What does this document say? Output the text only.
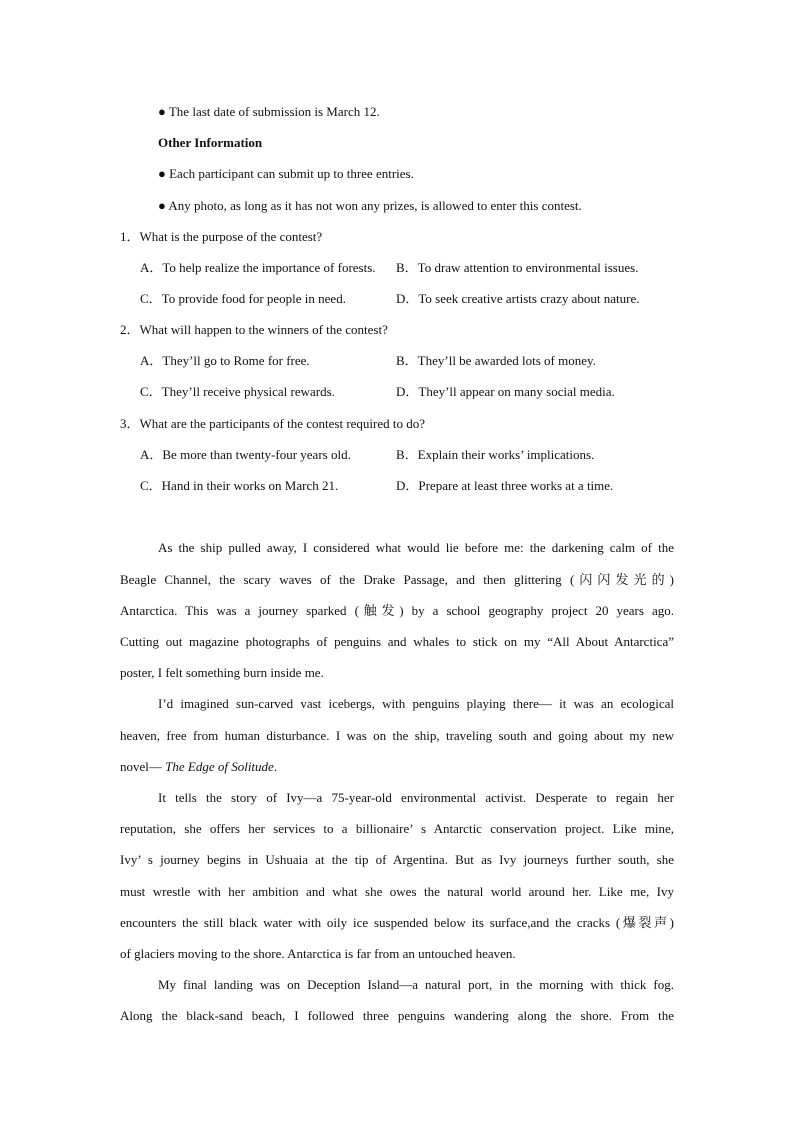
● The last date of submission is March 12.
Other Information
● Each participant can submit up to three entries.
● Any photo, as long as it has not won any prizes, is allowed to enter this contest.
1．What is the purpose of the contest?
A．To help realize the importance of forests. B．To draw attention to environmental issues.
C．To provide food for people in need.	D．To seek creative artists crazy about nature.
2．What will happen to the winners of the contest?
A．They’ll go to Rome for free.	B．They’ll be awarded lots of money.
C．They’ll receive physical rewards.	D．They’ll appear on many social media.
3．What are the participants of the contest required to do?
A．Be more than twenty-four years old.	B．Explain their works’ implications.
C．Hand in their works on March 21.	D．Prepare at least three works at a time.
As the ship pulled away, I considered what would lie before me: the darkening calm of the
Beagle Channel, the scary waves of the Drake Passage, and then glittering (闪闪发光的)
Antarctica. This was a journey sparked (触发) by a school geography project 20 years ago.
Cutting out magazine photographs of penguins and whales to stick on my “All About Antarctica”
poster, I felt something burn inside me.
I’d imagined sun-carved vast icebergs, with penguins playing there— it was an ecological
heaven, free from human disturbance. I was on the ship, traveling south and going about my new
novel— The Edge of Solitude.
It tells the story of Ivy—a 75-year-old environmental activist. Desperate to regain her
reputation, she offers her services to a billionaire’ s Antarctic conservation project. Like mine,
Ivy’ s journey begins in Ushuaia at the tip of Argentina. But as Ivy journeys further south, she
must wrestle with her ambition and what she owes the natural world around her. Like me, Ivy
encounters the still black water with oily ice suspended below its surface,and the cracks (爆裂声)
of glaciers moving to the shore. Antarctica is far from an untouched heaven.
My final landing was on Deception Island—a natural port, in the morning with thick fog.
Along the black-sand beach, I followed three penguins wandering along the shore. From the
